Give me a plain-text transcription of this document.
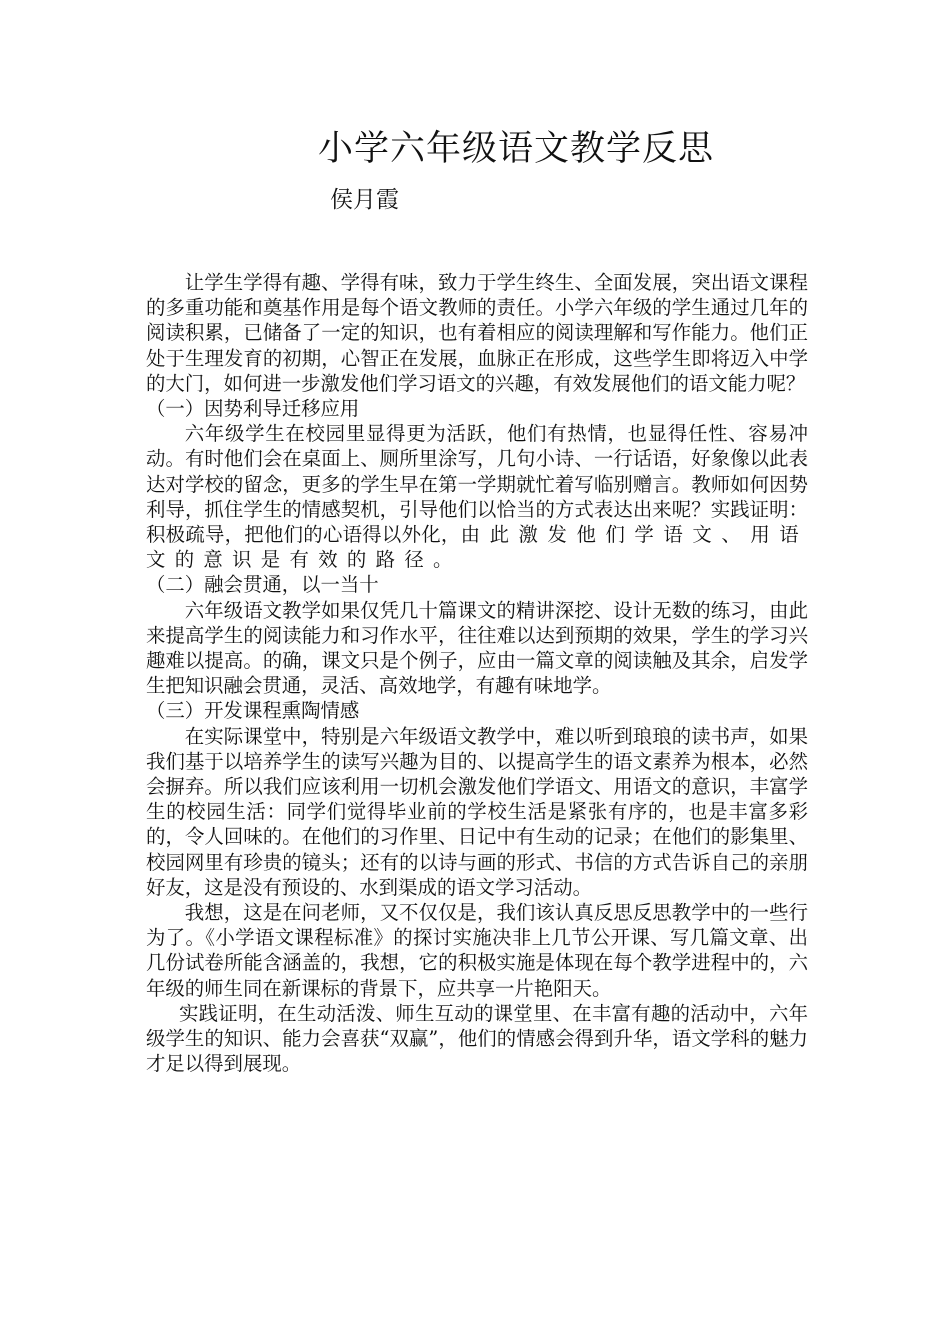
小学六年级语文教学反思
侯月霞

让学生学得有趣、学得有味，致力于学生终生、全面发展，突出语文课程的多重功能和奠基作用是每个语文教师的责任。小学六年级的学生通过几年的阅读积累，已储备了一定的知识，也有着相应的阅读理解和写作能力。他们正处于生理发育的初期，心智正在发展，血脉正在形成，这些学生即将迈入中学的大门，如何进一步激发他们学习语文的兴趣，有效发展他们的语文能力呢？

（一）因势利导迁移应用

六年级学生在校园里显得更为活跃，他们有热情，也显得任性、容易冲动。有时他们会在桌面上、厕所里涂写，几句小诗、一行话语，好象像以此表达对学校的留念，更多的学生早在第一学期就忙着写临别赠言。教师如何因势利导，抓住学生的情感契机，引导他们以恰当的方式表达出来呢？实践证明：积极疏导，把他们的心语得以外化，由此激发他们学语文、用语文的意识是有效的路径。

（二）融会贯通，以一当十

六年级语文教学如果仅凭几十篇课文的精讲深挖、设计无数的练习，由此来提高学生的阅读能力和习作水平，往往难以达到预期的效果，学生的学习兴趣难以提高。的确，课文只是个例子，应由一篇文章的阅读触及其余，启发学生把知识融会贯通，灵活、高效地学，有趣有味地学。

（三）开发课程熏陶情感

在实际课堂中，特别是六年级语文教学中，难以听到琅琅的读书声，如果我们基于以培养学生的读写兴趣为目的、以提高学生的语文素养为根本，必然会摒弃。所以我们应该利用一切机会激发他们学语文、用语文的意识，丰富学生的校园生活：同学们觉得毕业前的学校生活是紧张有序的，也是丰富多彩的，令人回味的。在他们的习作里、日记中有生动的记录；在他们的影集里、校园网里有珍贵的镜头；还有的以诗与画的形式、书信的方式告诉自己的亲朋好友，这是没有预设的、水到渠成的语文学习活动。

我想，这是在问老师，又不仅仅是，我们该认真反思反思教学中的一些行为了。《小学语文课程标准》的探讨实施决非上几节公开课、写几篇文章、出几份试卷所能含涵盖的，我想，它的积极实施是体现在每个教学进程中的，六年级的师生同在新课标的背景下，应共享一片艳阳天。

实践证明，在生动活泼、师生互动的课堂里、在丰富有趣的活动中，六年级学生的知识、能力会喜获“双赢”，他们的情感会得到升华，语文学科的魅力才足以得到展现。
